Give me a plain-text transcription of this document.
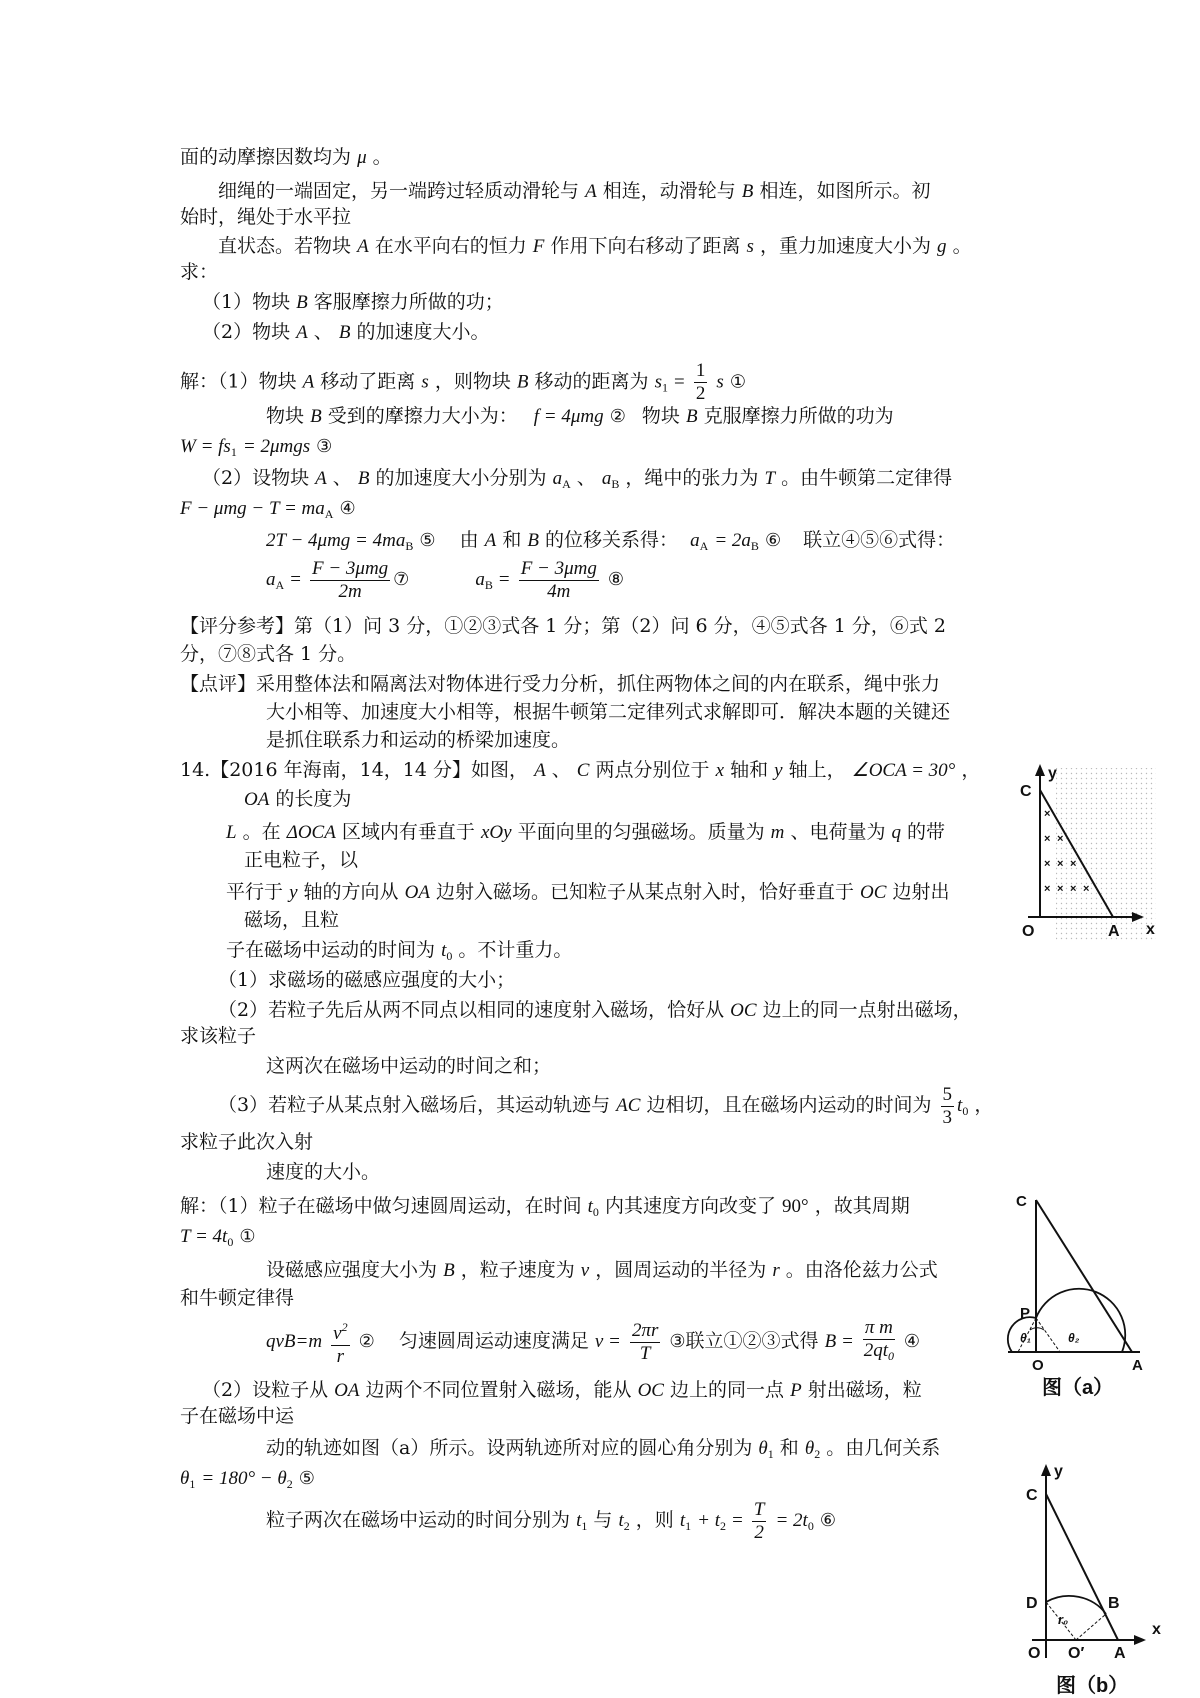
面的动摩擦因数均为 μ 。
细绳的一端固定，另一端跨过轻质动滑轮与 A 相连，动滑轮与 B 相连，如图所示。初
始时，绳处于水平拉
直状态。若物块 A 在水平向右的恒力 F 作用下向右移动了距离 s ，重力加速度大小为 g 。
求：
（1）物块 B 客服摩擦力所做的功；
（2）物块 A 、 B 的加速度大小。
解：（1）物块 A 移动了距离 s ，则物块 B 移动的距离为 $s_1 = \frac{1}{2}$ s ①
物块 B 受到的摩擦力大小为： f = 4μmg ② 物块 B 克服摩擦力所做的功为
$W = fs_1 = 2\mu mgs$ ③
（2）设物块 A 、 B 的加速度大小分别为 $a_A$ 、 $a_B$ ，绳中的张力为 T 。由牛顿第二定律得
$F - \mu mg - T = ma_A$ ④
$2T - 4\mu mg = 4ma_B$ ⑤ 由 A 和 B 的位移关系得： $a_A = 2a_B$ ⑥ 联立④⑤⑥式得：
$a_A = \frac{\text{F − 3μmg}}{2m}$ ⑦	$a_B = \frac{\text{F − 3μmg}}{4m}$ ⑧
【评分参考】第（1）问 3 分，①②③式各 1 分；第（2）问 6 分，④⑤式各 1 分，⑥式 2
分，⑦⑧式各 1 分。
【点评】采用整体法和隔离法对物体进行受力分析，抓住两物体之间的内在联系，绳中张力
大小相等、加速度大小相等，根据牛顿第二定律列式求解即可．解决本题的关键还
是抓住联系力和运动的桥梁加速度。
14.【2016 年海南，14，14 分】如图， A 、 C 两点分别位于 x 轴和 y 轴上， ∠OCA = 30° ，
OA 的长度为
L 。在 ΔOCA 区域内有垂直于 xOy 平面向里的匀强磁场。质量为 m 、电荷量为 q 的带
正电粒子，以
平行于 y 轴的方向从 OA 边射入磁场。已知粒子从某点射入时，恰好垂直于 OC 边射出
磁场，且粒
子在磁场中运动的时间为 $t_0$ 。不计重力。
（1）求磁场的磁感应强度的大小；
（2）若粒子先后从两不同点以相同的速度射入磁场，恰好从 OC 边上的同一点射出磁场，
求该粒子
这两次在磁场中运动的时间之和；
（3）若粒子从某点射入磁场后，其运动轨迹与 AC 边相切，且在磁场内运动的时间为 $\frac{5}{3} t_0$ ，
求粒子此次入射
速度的大小。
解：（1）粒子在磁场中做匀速圆周运动，在时间 $t_0$ 内其速度方向改变了 90° ，故其周期
$T = 4t_0$ ①
设磁感应强度大小为 B ，粒子速度为 v ，圆周运动的半径为 r 。由洛伦兹力公式
和牛顿定律得
$qvB=m \frac{v^2}{r}$ ② 匀速圆周运动速度满足 $v = \frac{2\pi r}{T}$ ③联立①②③式得 $B = \frac{\text{π m}}{2qt_0}$ ④
（2）设粒子从 OA 边两个不同位置射入磁场，能从 OC 边上的同一点 P 射出磁场，粒
子在磁场中运
动的轨迹如图（a）所示。设两轨迹所对应的圆心角分别为 $\theta_1$ 和 $\theta_2$ 。由几何关系
$\theta_1 = 180^\circ - \theta_2$ ⑤
粒子两次在磁场中运动的时间分别为 $t_1$ 与 $t_2$ ，则 $t_1 + t_2 = \frac{T}{2} = 2t_0$ ⑥
y
C
O	A x
×
× ×
× × ×
× × × ×
C
P
O	A
θ₁	θ₂
图（a）
y
C
D	B
r₀
O O′ A
x
图（b）
